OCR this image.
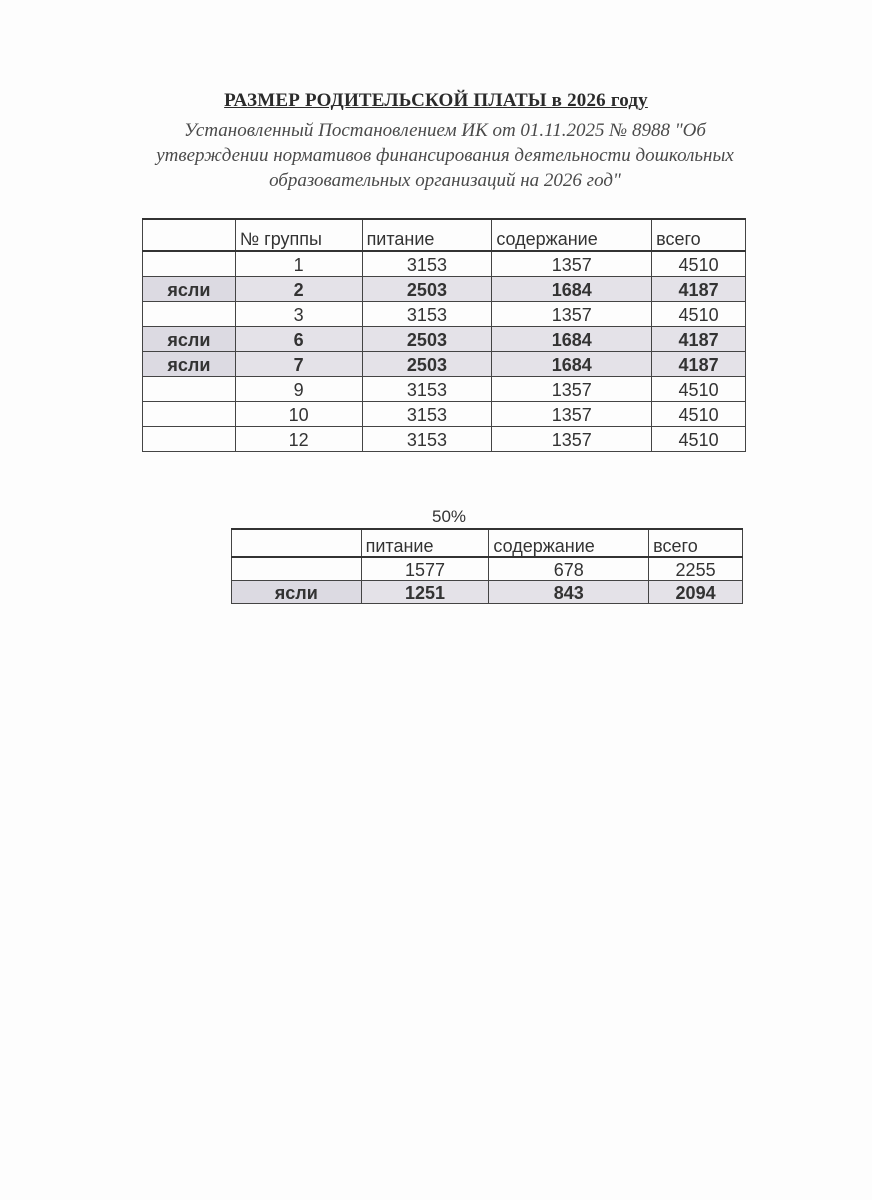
РАЗМЕР РОДИТЕЛЬСКОЙ ПЛАТЫ в 2026 году
Установленный Постановлением ИК от 01.11.2025 № 8988 "Об утверждении нормативов финансирования деятельности дошкольных образовательных организаций на 2026 год"
	№ группы	питание	содержание	всего
	1	3153	1357	4510
ясли	2	2503	1684	4187
	3	3153	1357	4510
ясли	6	2503	1684	4187
ясли	7	2503	1684	4187
	9	3153	1357	4510
	10	3153	1357	4510
	12	3153	1357	4510
50%
	питание	содержание	всего
	1577	678	2255
ясли	1251	843	2094
